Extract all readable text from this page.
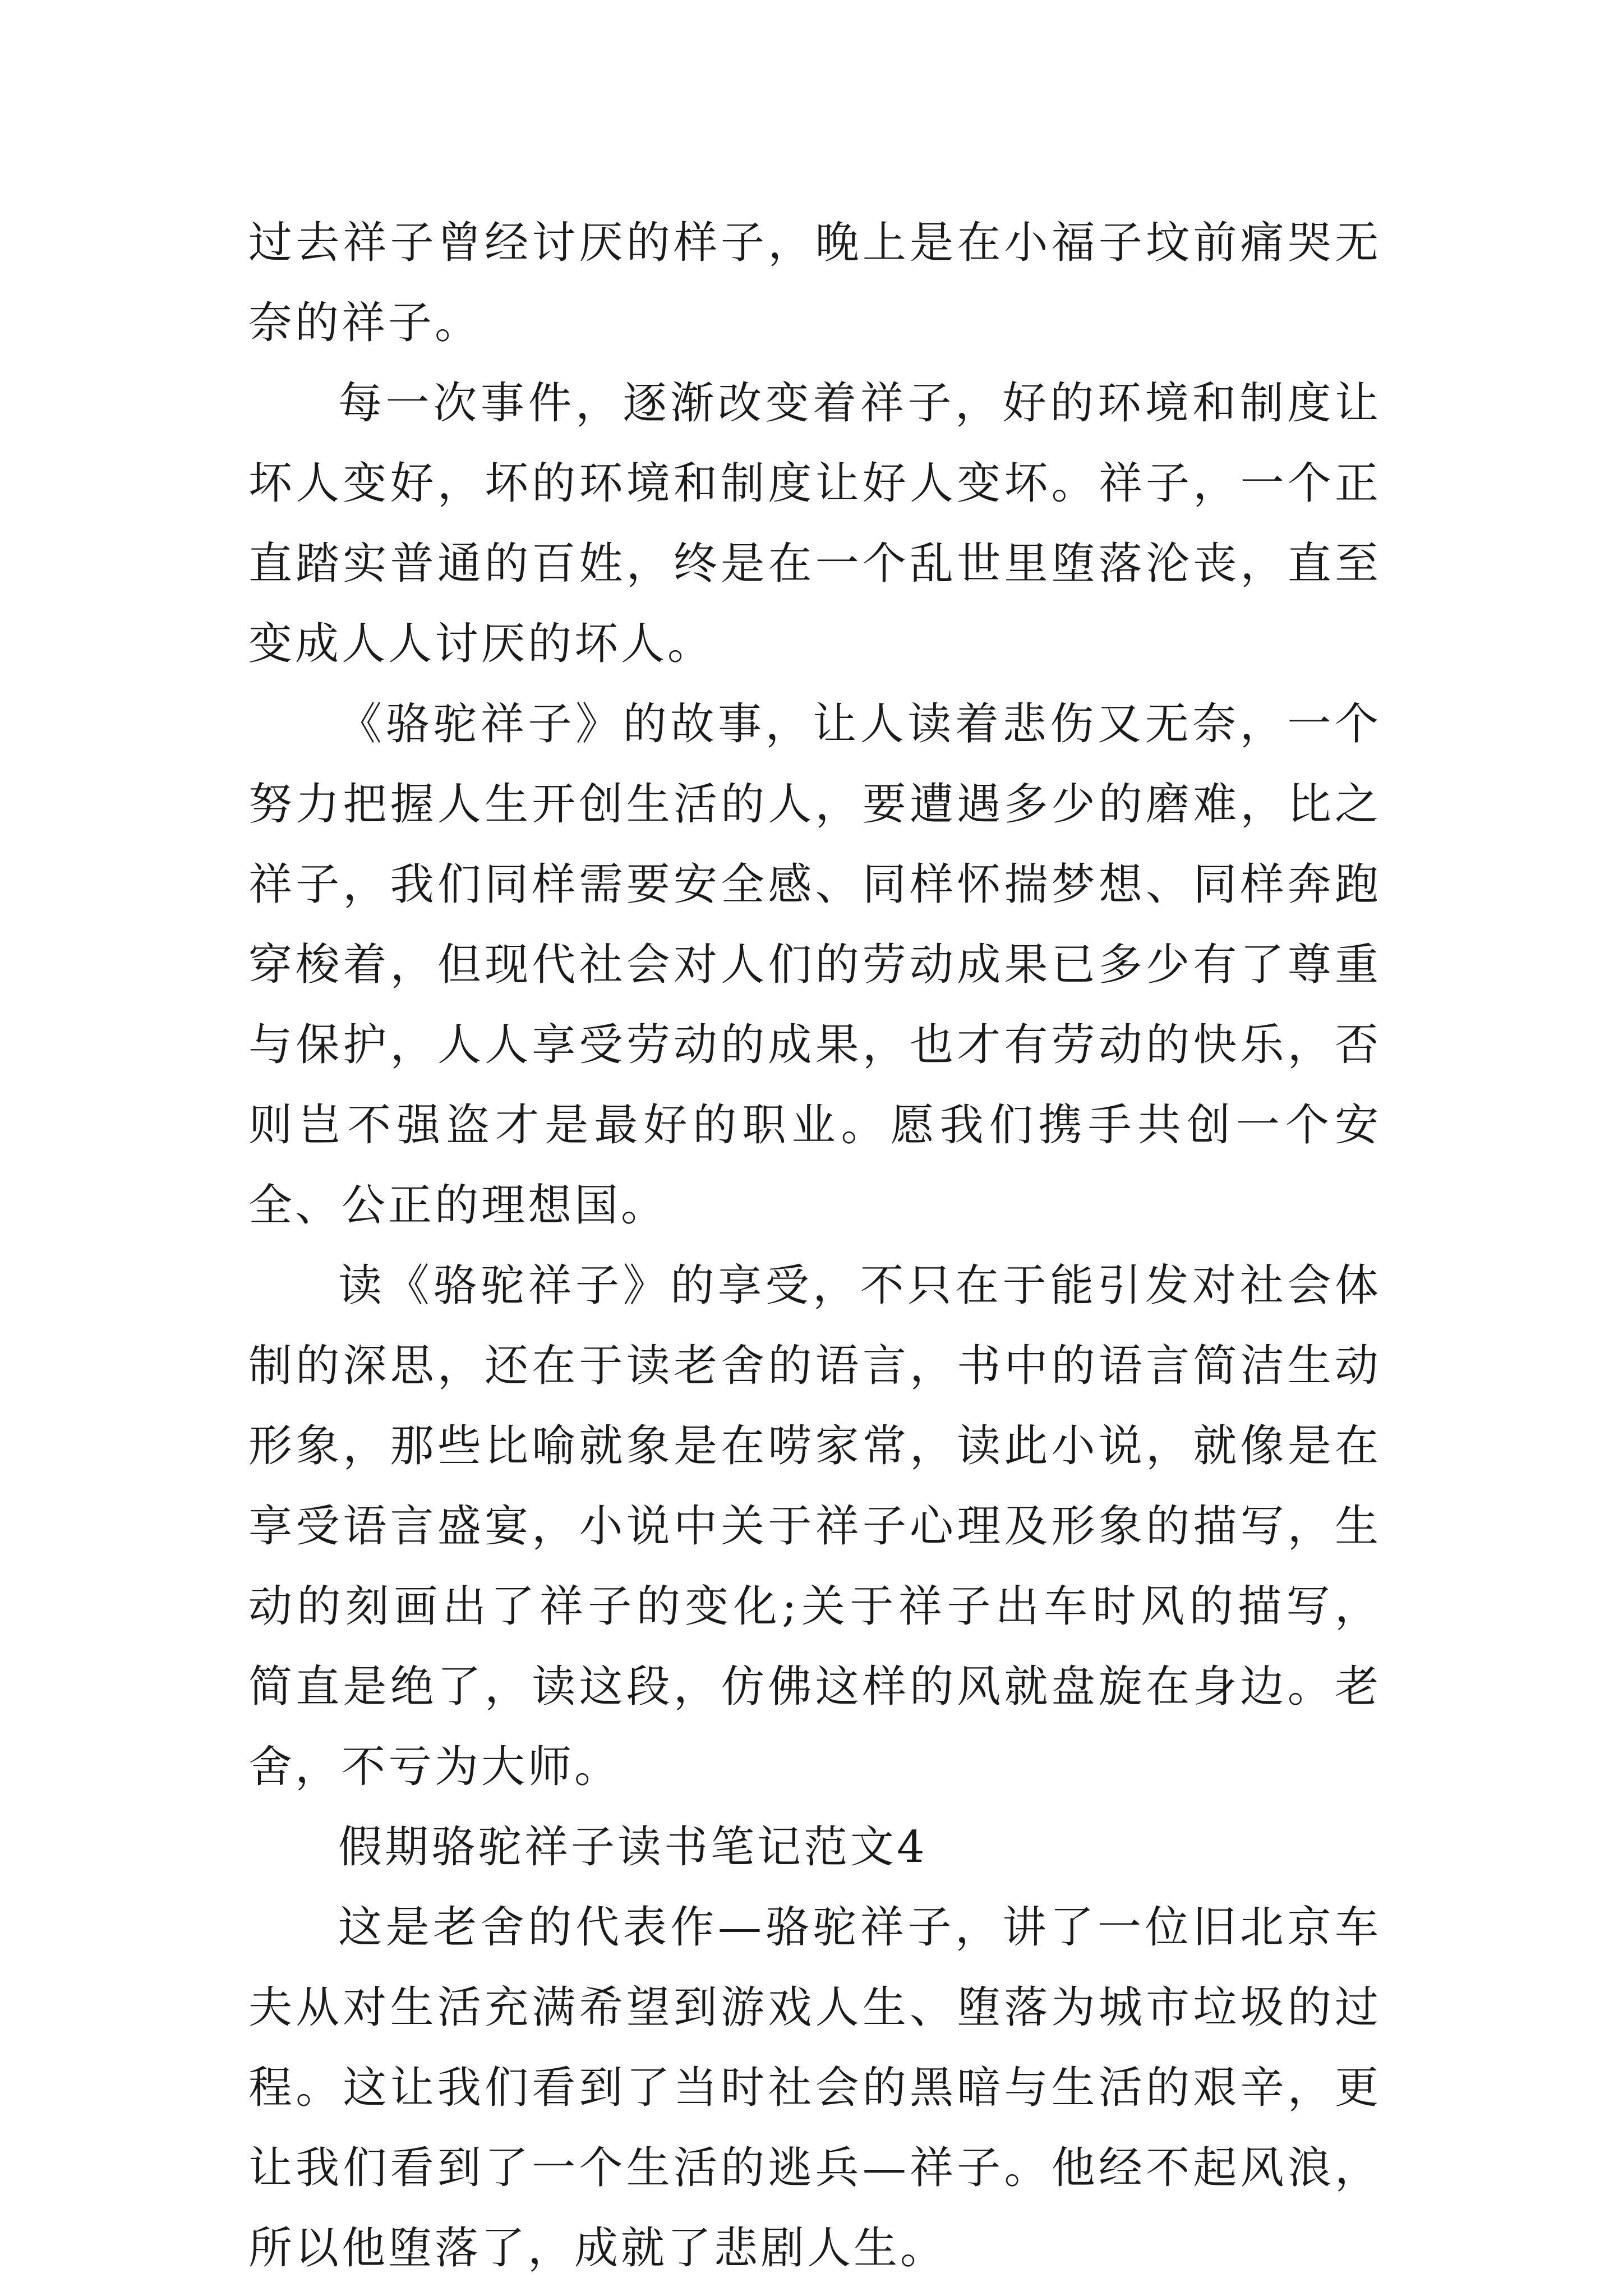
过去祥子曾经讨厌的样子，晚上是在小福子坟前痛哭无奈的祥子。

每一次事件，逐渐改变着祥子，好的环境和制度让坏人变好，坏的环境和制度让好人变坏。祥子，一个正直踏实普通的百姓，终是在一个乱世里堕落沦丧，直至变成人人讨厌的坏人。

《骆驼祥子》的故事，让人读着悲伤又无奈，一个努力把握人生开创生活的人，要遭遇多少的磨难，比之祥子，我们同样需要安全感、同样怀揣梦想、同样奔跑穿梭着，但现代社会对人们的劳动成果已多少有了尊重与保护，人人享受劳动的成果，也才有劳动的快乐，否则岂不强盗才是最好的职业。愿我们携手共创一个安全、公正的理想国。

读《骆驼祥子》的享受，不只在于能引发对社会体制的深思，还在于读老舍的语言，书中的语言简洁生动形象，那些比喻就象是在唠家常，读此小说，就像是在享受语言盛宴，小说中关于祥子心理及形象的描写，生动的刻画出了祥子的变化;关于祥子出车时风的描写，简直是绝了，读这段，仿佛这样的风就盘旋在身边。老舍，不亏为大师。

假期骆驼祥子读书笔记范文4

这是老舍的代表作—骆驼祥子，讲了一位旧北京车夫从对生活充满希望到游戏人生、堕落为城市垃圾的过程。这让我们看到了当时社会的黑暗与生活的艰辛，更让我们看到了一个生活的逃兵—祥子。他经不起风浪，所以他堕落了，成就了悲剧人生。
